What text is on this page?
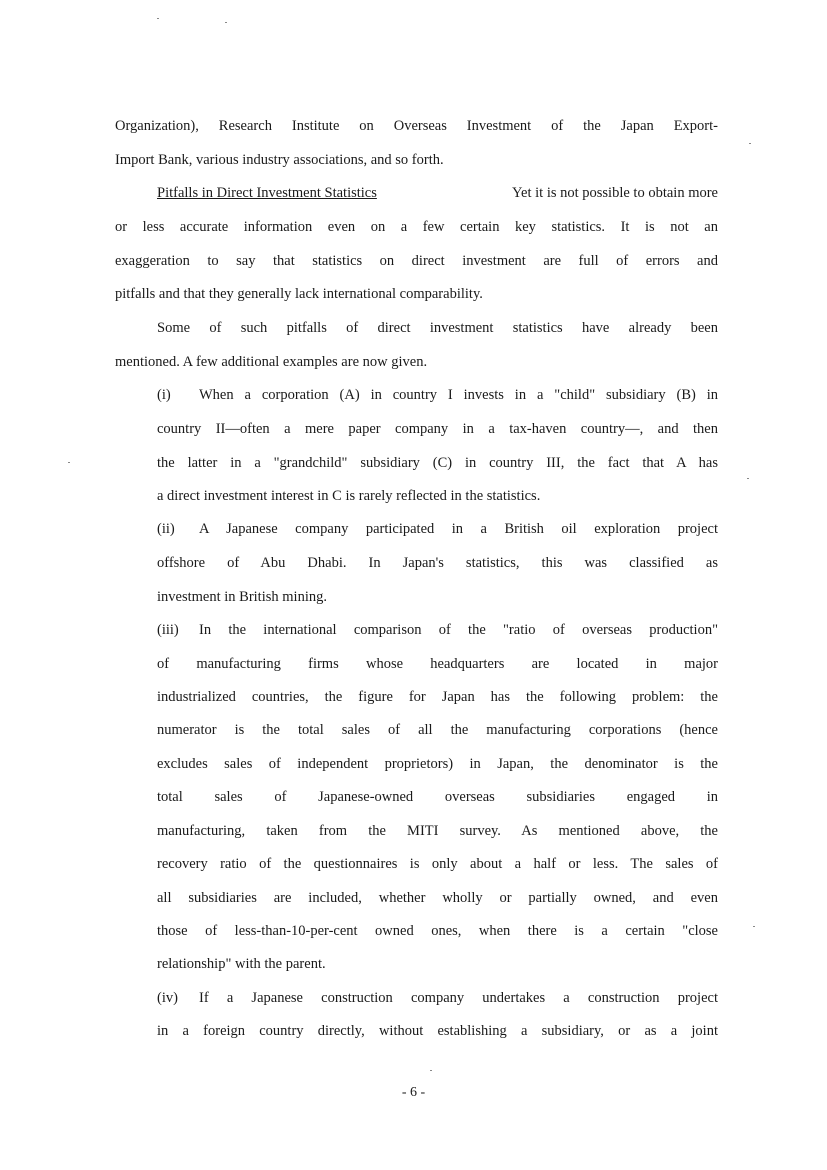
Organization), Research Institute on Overseas Investment of the Japan Export-
Import Bank, various industry associations, and so forth.
Pitfalls in Direct Investment Statistics	Yet it is not possible to obtain more
or less accurate information even on a few certain key statistics. It is not an
exaggeration to say that statistics on direct investment are full of errors and
pitfalls and that they generally lack international comparability.
Some of such pitfalls of direct investment statistics have already been
mentioned. A few additional examples are now given.
(i)	When a corporation (A) in country I invests in a "child" subsidiary (B) in
country II—often a mere paper company in a tax-haven country—, and then
the latter in a "grandchild" subsidiary (C) in country III, the fact that A has
a direct investment interest in C is rarely reflected in the statistics.
(ii)	A Japanese company participated in a British oil exploration project
offshore of Abu Dhabi. In Japan's statistics, this was classified as
investment in British mining.
(iii)	In the international comparison of the "ratio of overseas production"
of manufacturing firms whose headquarters are located in major
industrialized countries, the figure for Japan has the following problem: the
numerator is the total sales of all the manufacturing corporations (hence
excludes sales of independent proprietors) in Japan, the denominator is the
total sales of Japanese-owned overseas subsidiaries engaged in
manufacturing, taken from the MITI survey. As mentioned above, the
recovery ratio of the questionnaires is only about a half or less. The sales of
all subsidiaries are included, whether wholly or partially owned, and even
those of less-than-10-per-cent owned ones, when there is a certain "close
relationship" with the parent.
(iv)	If a Japanese construction company undertakes a construction project
in a foreign country directly, without establishing a subsidiary, or as a joint
- 6 -
